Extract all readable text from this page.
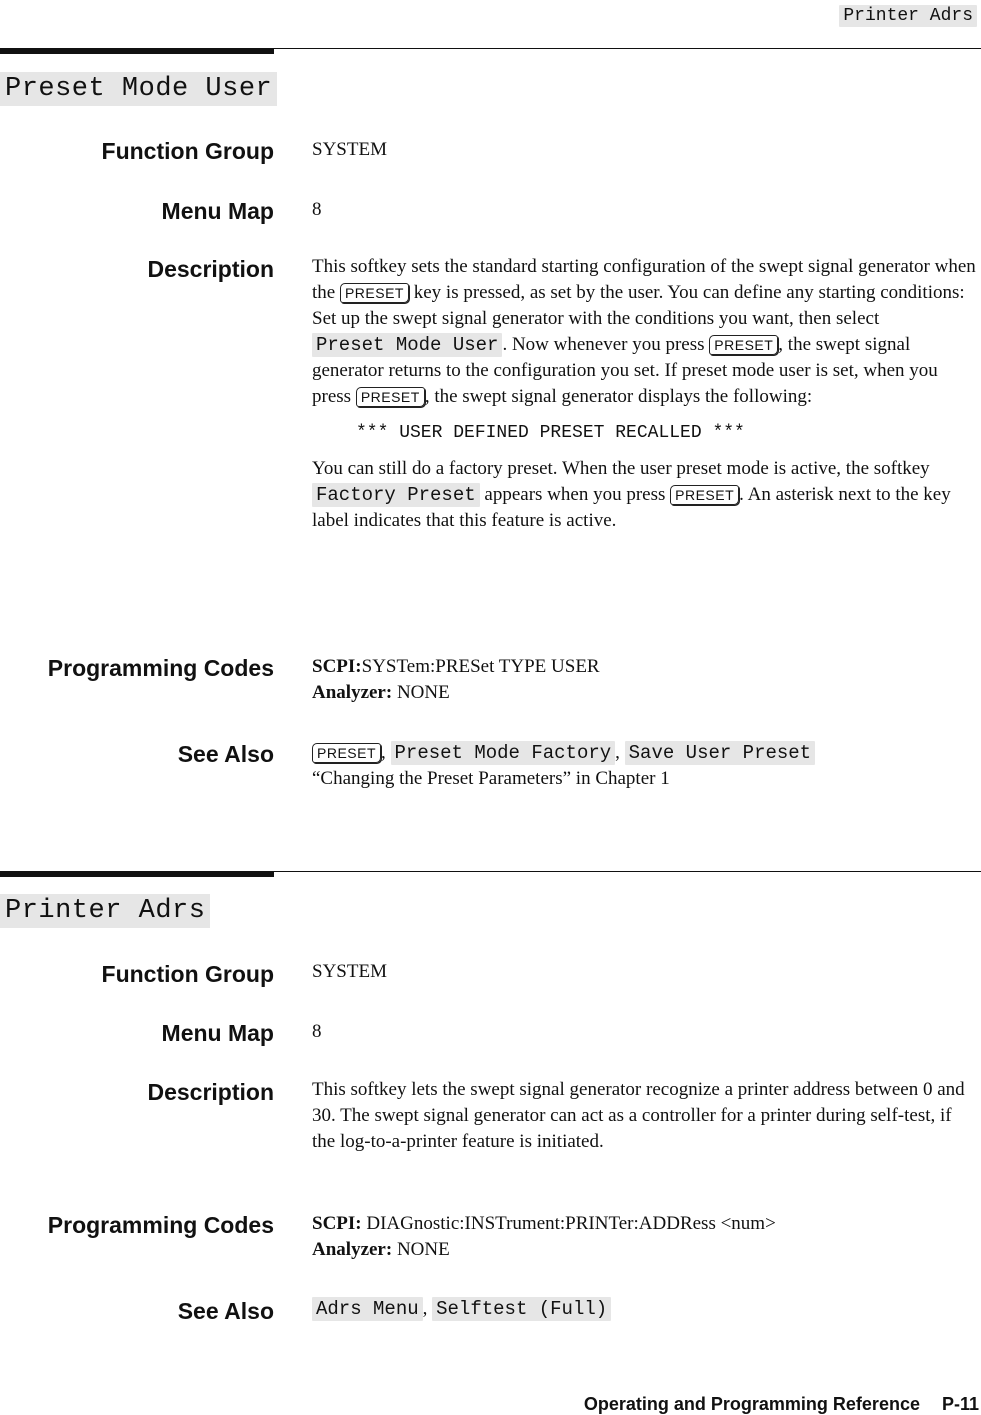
Printer Adrs
Preset Mode User
Function Group SYSTEM
Menu Map 8
Description This softkey sets the standard starting configuration of the swept signal generator when the PRESET key is pressed, as set by the user. You can define any starting conditions: Set up the swept signal generator with the conditions you want, then select Preset Mode User . Now whenever you press PRESET , the swept signal generator returns to the configuration you set. If preset mode user is set, when you press PRESET , the swept signal generator displays the following:
*** USER DEFINED PRESET RECALLED ***
You can still do a factory preset. When the user preset mode is active, the softkey Factory Preset appears when you press PRESET . An asterisk next to the key label indicates that this feature is active.
Programming Codes SCPI:SYSTem:PRESet TYPE USER
Analyzer: NONE
See Also	PRESET , Preset Mode Factory , Save User Preset
“Changing the Preset Parameters” in Chapter 1
Printer Adrs
Function Group SYSTEM
Menu Map 8
Description This softkey lets the swept signal generator recognize a printer address between 0 and 30. The swept signal generator can act as a controller for a printer during self-test, if the log-to-a-printer feature is initiated.
Programming Codes SCPI: DIAGnostic:INSTrument:PRINTer:ADDRess <num>
Analyzer: NONE
See Also Adrs Menu , Selftest (Full)
Operating and Programming Reference P-11
